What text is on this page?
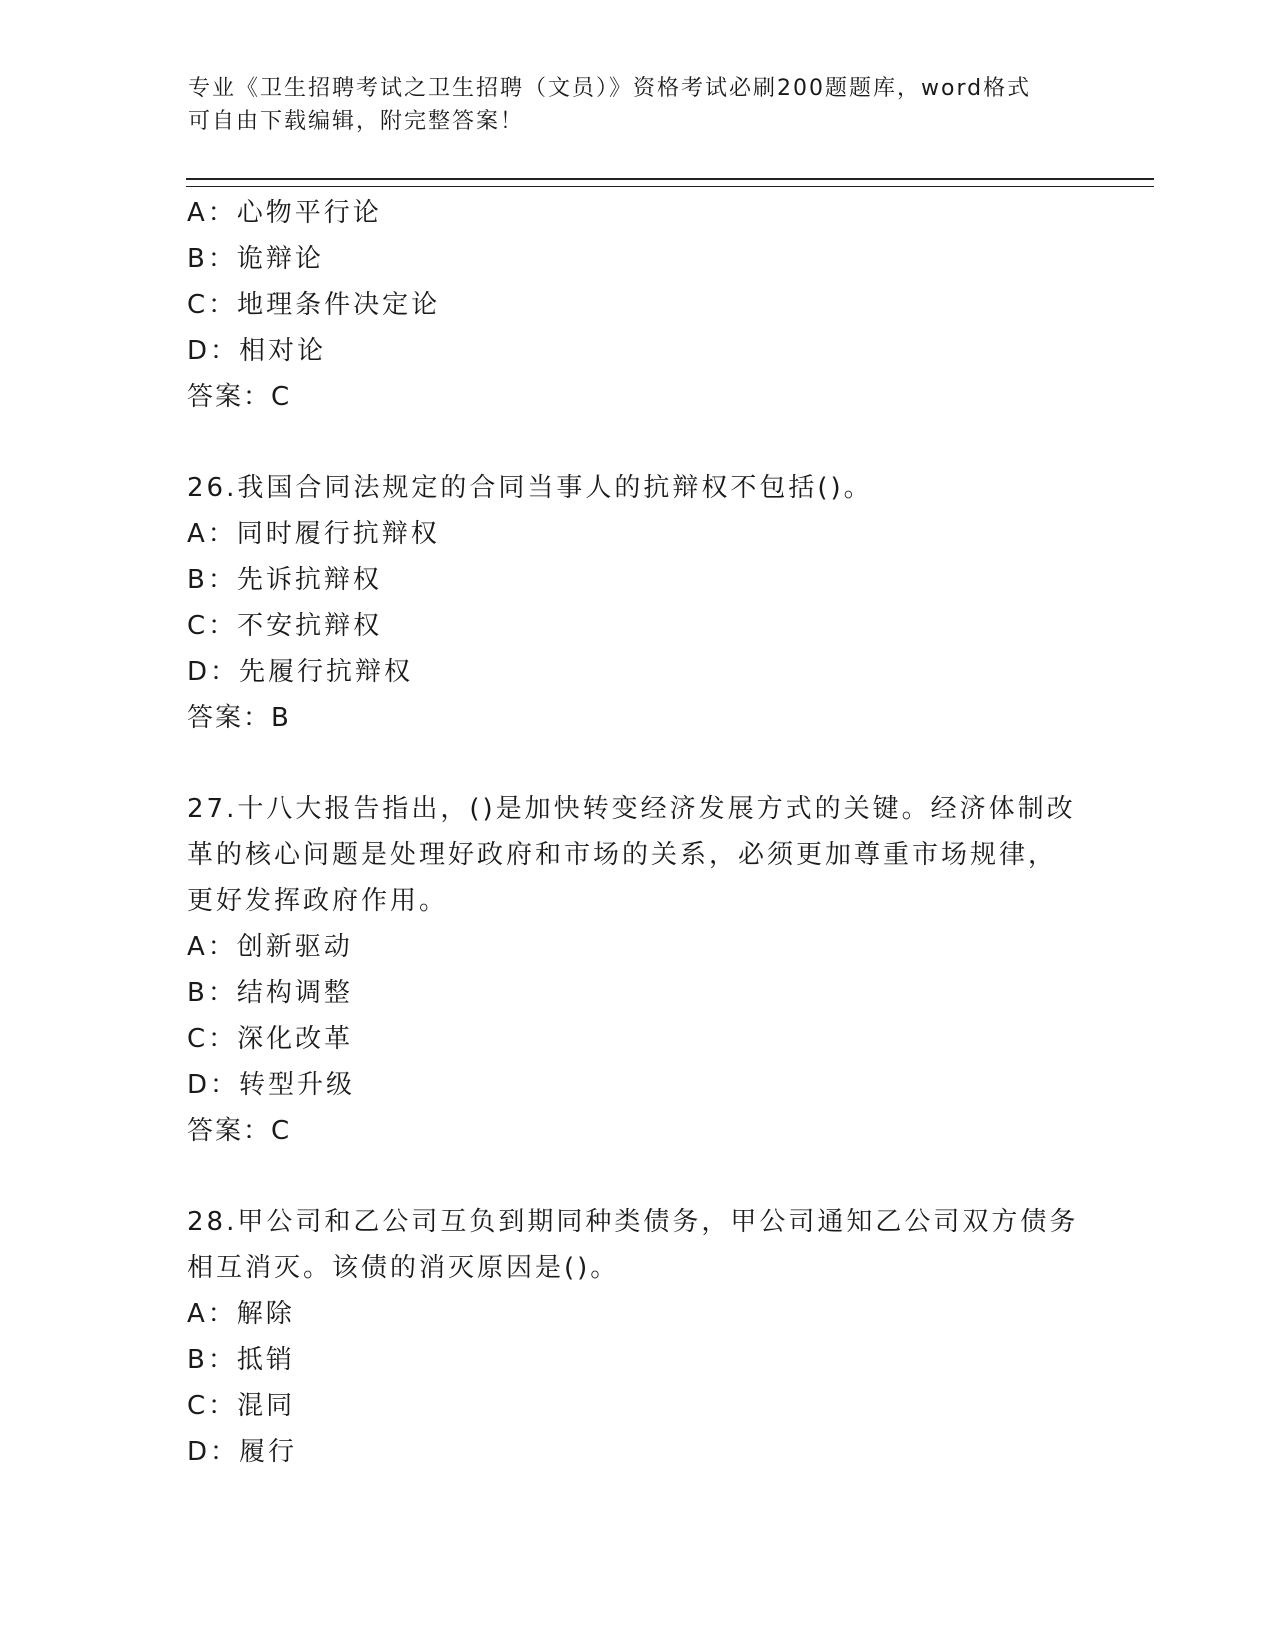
专业《卫生招聘考试之卫生招聘（文员）》资格考试必刷200题题库，word格式
可自由下载编辑，附完整答案！
A：心物平行论
B：诡辩论
C：地理条件决定论
D：相对论
答案：C
26.我国合同法规定的合同当事人的抗辩权不包括()。
A：同时履行抗辩权
B：先诉抗辩权
C：不安抗辩权
D：先履行抗辩权
答案：B
27.十八大报告指出，()是加快转变经济发展方式的关键。经济体制改
革的核心问题是处理好政府和市场的关系，必须更加尊重市场规律，
更好发挥政府作用。
A：创新驱动
B：结构调整
C：深化改革
D：转型升级
答案：C
28.甲公司和乙公司互负到期同种类债务，甲公司通知乙公司双方债务
相互消灭。该债的消灭原因是()。
A：解除
B：抵销
C：混同
D：履行
